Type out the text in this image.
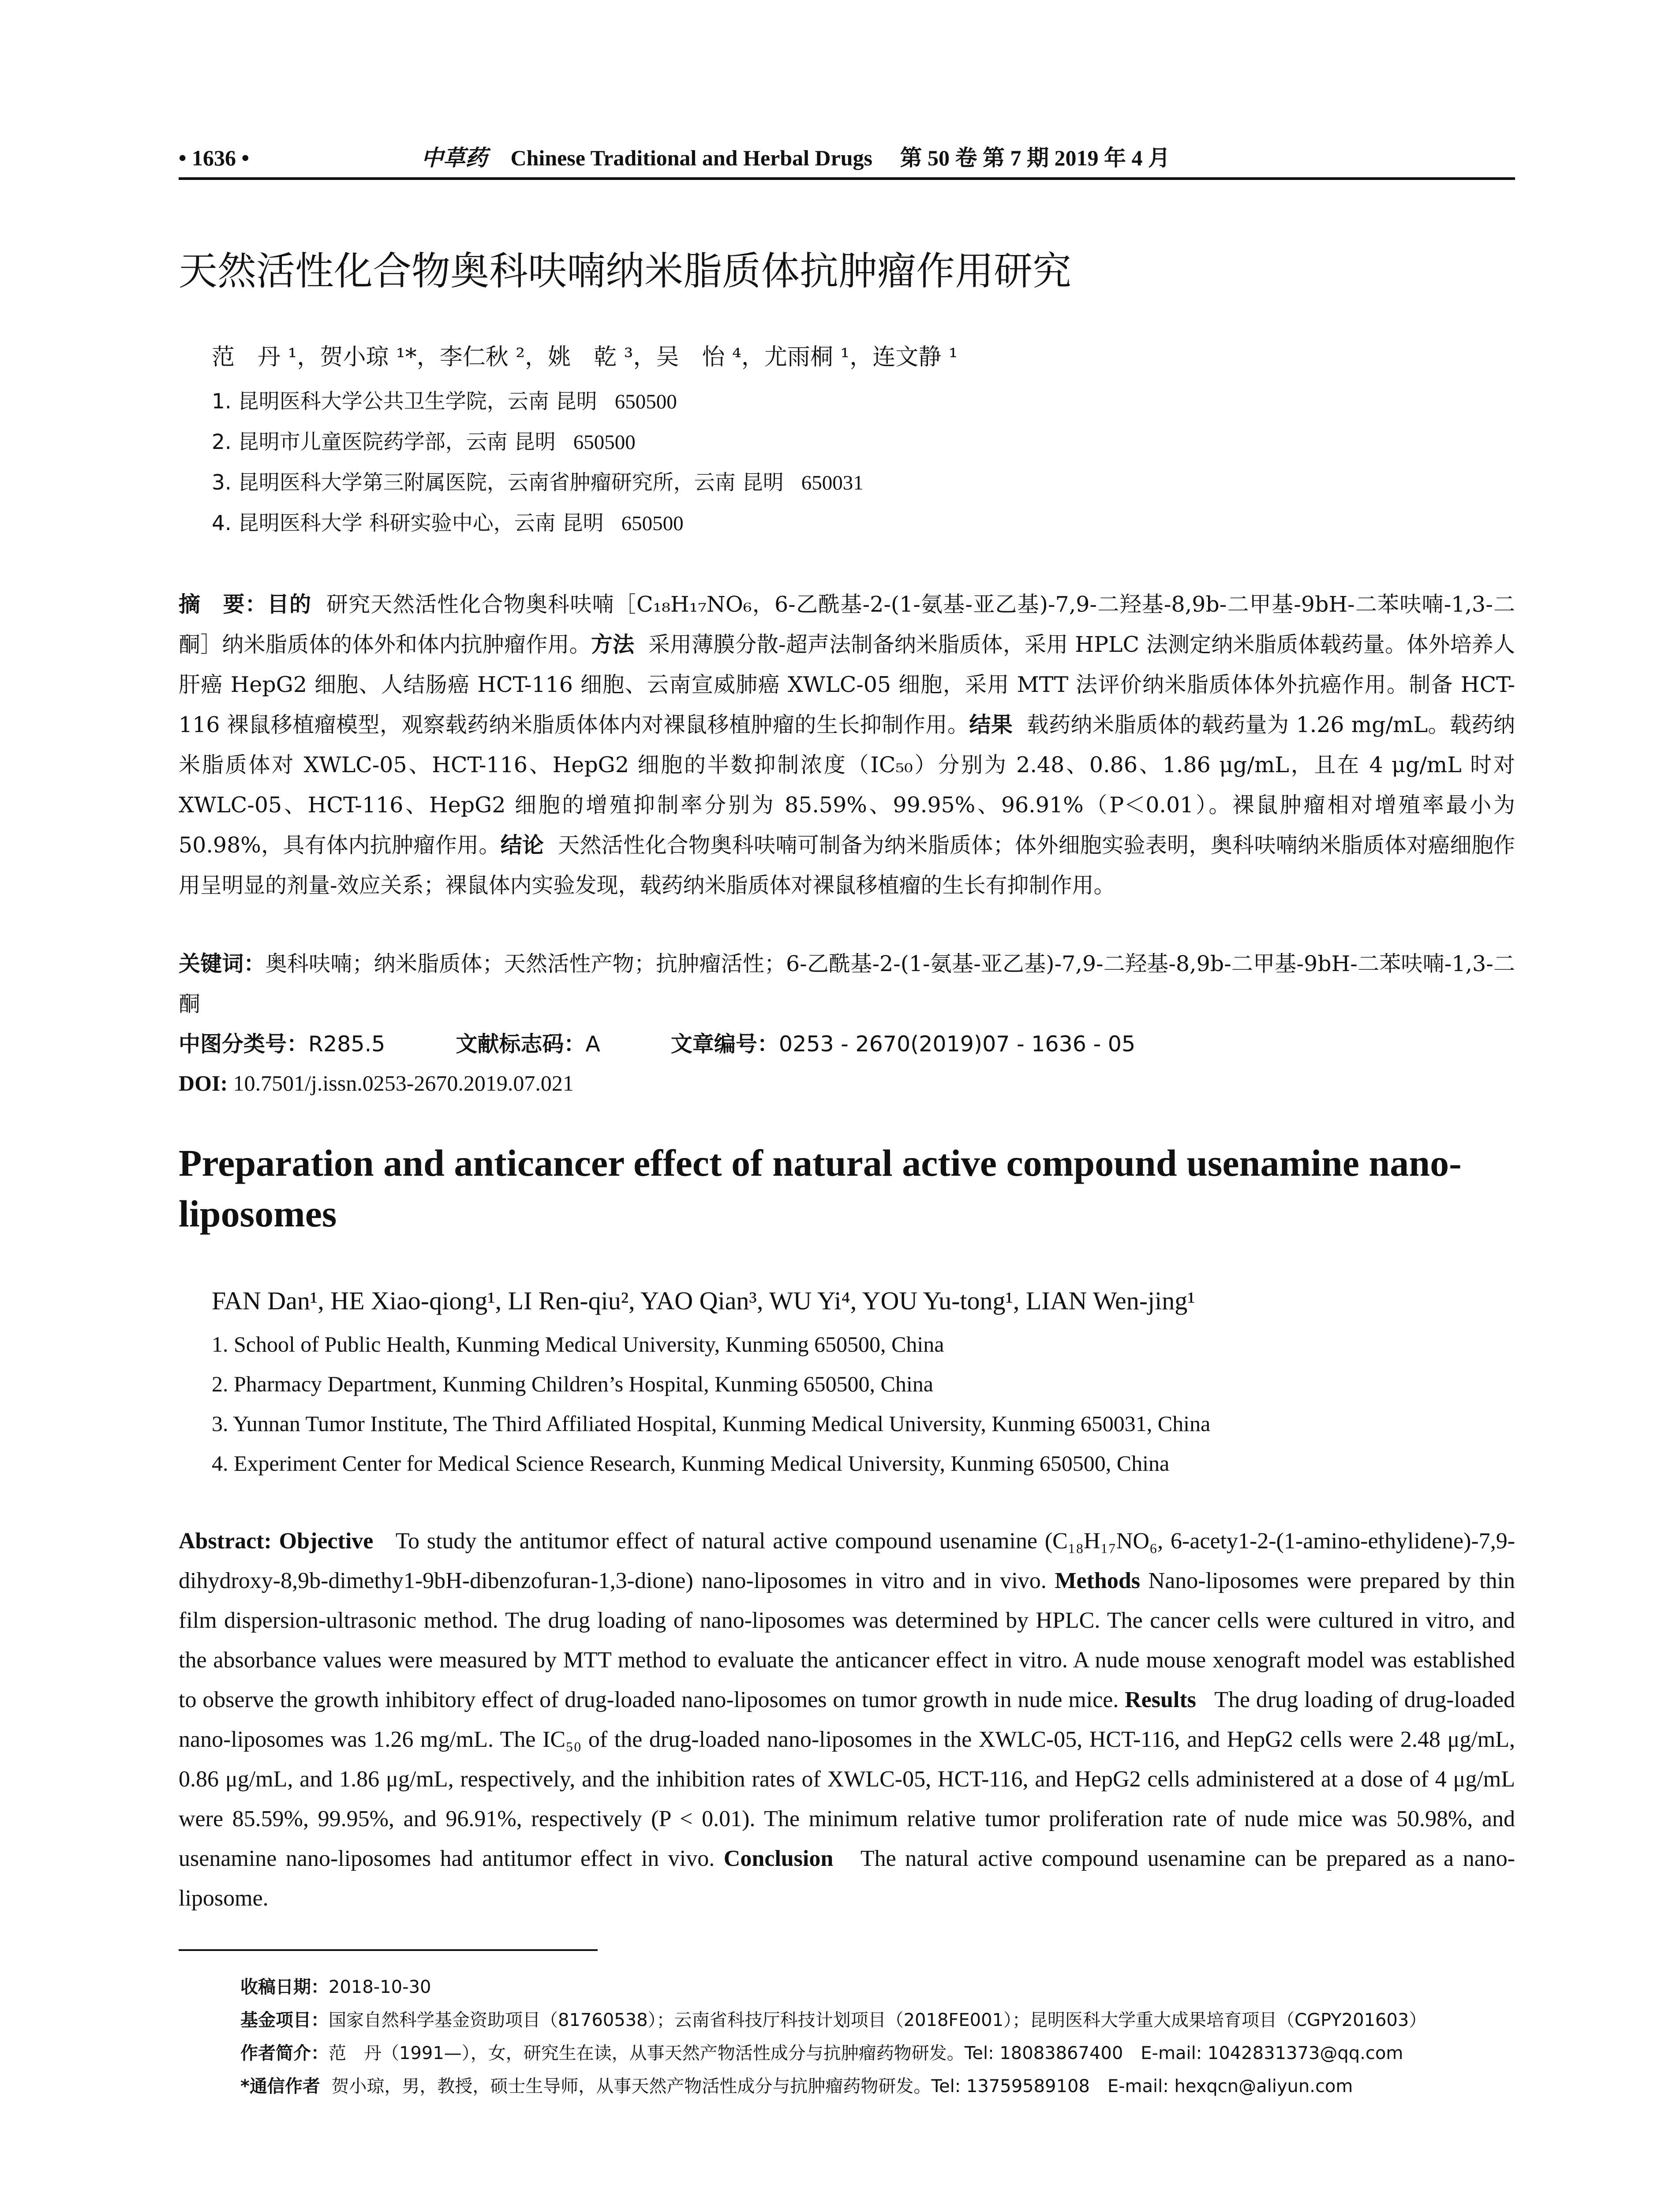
• 1636 •	中草药 Chinese Traditional and Herbal Drugs 第 50 卷 第 7 期 2019 年 4 月
天然活性化合物奥科呋喃纳米脂质体抗肿瘤作用研究
范　丹 ¹，贺小琼 ¹*，李仁秋 ²，姚　乾 ³，吴　怡 ⁴，尤雨桐 ¹，连文静 ¹
1. 昆明医科大学公共卫生学院，云南 昆明 650500
2. 昆明市儿童医院药学部，云南 昆明 650500
3. 昆明医科大学第三附属医院，云南省肿瘤研究所，云南 昆明 650031
4. 昆明医科大学 科研实验中心，云南 昆明 650500
摘　要：目的 研究天然活性化合物奥科呋喃［C₁₈H₁₇NO₆，6-乙酰基-2-(1-氨基-亚乙基)-7,9-二羟基-8,9b-二甲基-9bH-二苯呋喃-1,3-二酮］纳米脂质体的体外和体内抗肿瘤作用。方法 采用薄膜分散-超声法制备纳米脂质体，采用 HPLC 法测定纳米脂质体载药量。体外培养人肝癌 HepG2 细胞、人结肠癌 HCT-116 细胞、云南宣威肺癌 XWLC-05 细胞，采用 MTT 法评价纳米脂质体体外抗癌作用。制备 HCT-116 裸鼠移植瘤模型，观察载药纳米脂质体体内对裸鼠移植肿瘤的生长抑制作用。结果 载药纳米脂质体的载药量为 1.26 mg/mL。载药纳米脂质体对 XWLC-05、HCT-116、HepG2 细胞的半数抑制浓度（IC₅₀）分别为 2.48、0.86、1.86 μg/mL，且在 4 μg/mL 时对 XWLC-05、HCT-116、HepG2 细胞的增殖抑制率分别为 85.59%、99.95%、96.91%（P＜0.01）。裸鼠肿瘤相对增殖率最小为 50.98%，具有体内抗肿瘤作用。结论 天然活性化合物奥科呋喃可制备为纳米脂质体；体外细胞实验表明，奥科呋喃纳米脂质体对癌细胞作用呈明显的剂量-效应关系；裸鼠体内实验发现，载药纳米脂质体对裸鼠移植瘤的生长有抑制作用。
关键词：奥科呋喃；纳米脂质体；天然活性产物；抗肿瘤活性；6-乙酰基-2-(1-氨基-亚乙基)-7,9-二羟基-8,9b-二甲基-9bH-二苯呋喃-1,3-二酮
中图分类号：R285.5	文献标志码：A	文章编号：0253 - 2670(2019)07 - 1636 - 05
DOI: 10.7501/j.issn.0253-2670.2019.07.021
Preparation and anticancer effect of natural active compound usenamine nano-liposomes
FAN Dan¹, HE Xiao-qiong¹, LI Ren-qiu², YAO Qian³, WU Yi⁴, YOU Yu-tong¹, LIAN Wen-jing¹
1. School of Public Health, Kunming Medical University, Kunming 650500, China
2. Pharmacy Department, Kunming Children’s Hospital, Kunming 650500, China
3. Yunnan Tumor Institute, The Third Affiliated Hospital, Kunming Medical University, Kunming 650031, China
4. Experiment Center for Medical Science Research, Kunming Medical University, Kunming 650500, China
Abstract: Objective To study the antitumor effect of natural active compound usenamine (C₁₈H₁₇NO₆, 6-acety1-2-(1-amino-ethylidene)-7,9-dihydroxy-8,9b-dimethy1-9bH-dibenzofuran-1,3-dione) nano-liposomes in vitro and in vivo. Methods Nano-liposomes were prepared by thin film dispersion-ultrasonic method. The drug loading of nano-liposomes was determined by HPLC. The cancer cells were cultured in vitro, and the absorbance values were measured by MTT method to evaluate the anticancer effect in vitro. A nude mouse xenograft model was established to observe the growth inhibitory effect of drug-loaded nano-liposomes on tumor growth in nude mice. Results The drug loading of drug-loaded nano-liposomes was 1.26 mg/mL. The IC₅₀ of the drug-loaded nano-liposomes in the XWLC-05, HCT-116, and HepG2 cells were 2.48 μg/mL, 0.86 μg/mL, and 1.86 μg/mL, respectively, and the inhibition rates of XWLC-05, HCT-116, and HepG2 cells administered at a dose of 4 μg/mL were 85.59%, 99.95%, and 96.91%, respectively (P < 0.01). The minimum relative tumor proliferation rate of nude mice was 50.98%, and usenamine nano-liposomes had antitumor effect in vivo. Conclusion The natural active compound usenamine can be prepared as a nano-liposome.
收稿日期：2018-10-30
基金项目：国家自然科学基金资助项目（81760538）；云南省科技厅科技计划项目（2018FE001）；昆明医科大学重大成果培育项目（CGPY201603）
作者简介：范　丹（1991—），女，研究生在读，从事天然产物活性成分与抗肿瘤药物研发。Tel: 18083867400　E-mail: 1042831373@qq.com
*通信作者 贺小琼，男，教授，硕士生导师，从事天然产物活性成分与抗肿瘤药物研发。Tel: 13759589108　E-mail: hexqcn@aliyun.com
